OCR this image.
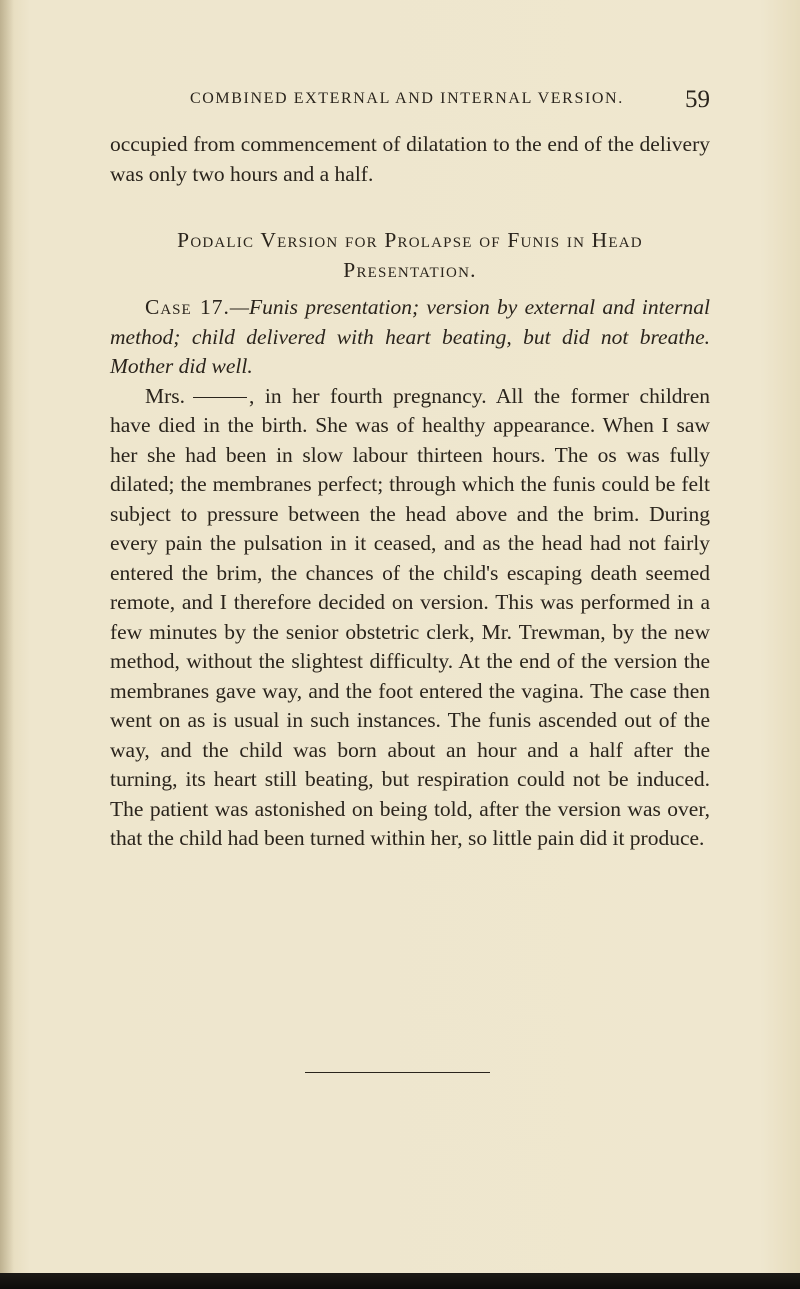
COMBINED EXTERNAL AND INTERNAL VERSION. 59

occupied from commencement of dilatation to the end of the delivery was only two hours and a half.

Podalic Version for Prolapse of Funis in Head
Presentation.

Case 17.—Funis presentation; version by external and internal method; child delivered with heart beating, but did not breathe. Mother did well.

Mrs.	, in her fourth pregnancy. All the former children have died in the birth. She was of healthy appearance. When I saw her she had been in slow labour thirteen hours. The os was fully dilated; the membranes perfect; through which the funis could be felt subject to pressure between the head above and the brim. During every pain the pulsation in it ceased, and as the head had not fairly entered the brim, the chances of the child's escaping death seemed remote, and I therefore decided on version. This was performed in a few minutes by the senior obstetric clerk, Mr. Trewman, by the new method, without the slightest difficulty. At the end of the version the membranes gave way, and the foot entered the vagina. The case then went on as is usual in such instances. The funis ascended out of the way, and the child was born about an hour and a half after the turning, its heart still beating, but respiration could not be induced. The patient was astonished on being told, after the version was over, that the child had been turned within her, so little pain did it produce.
